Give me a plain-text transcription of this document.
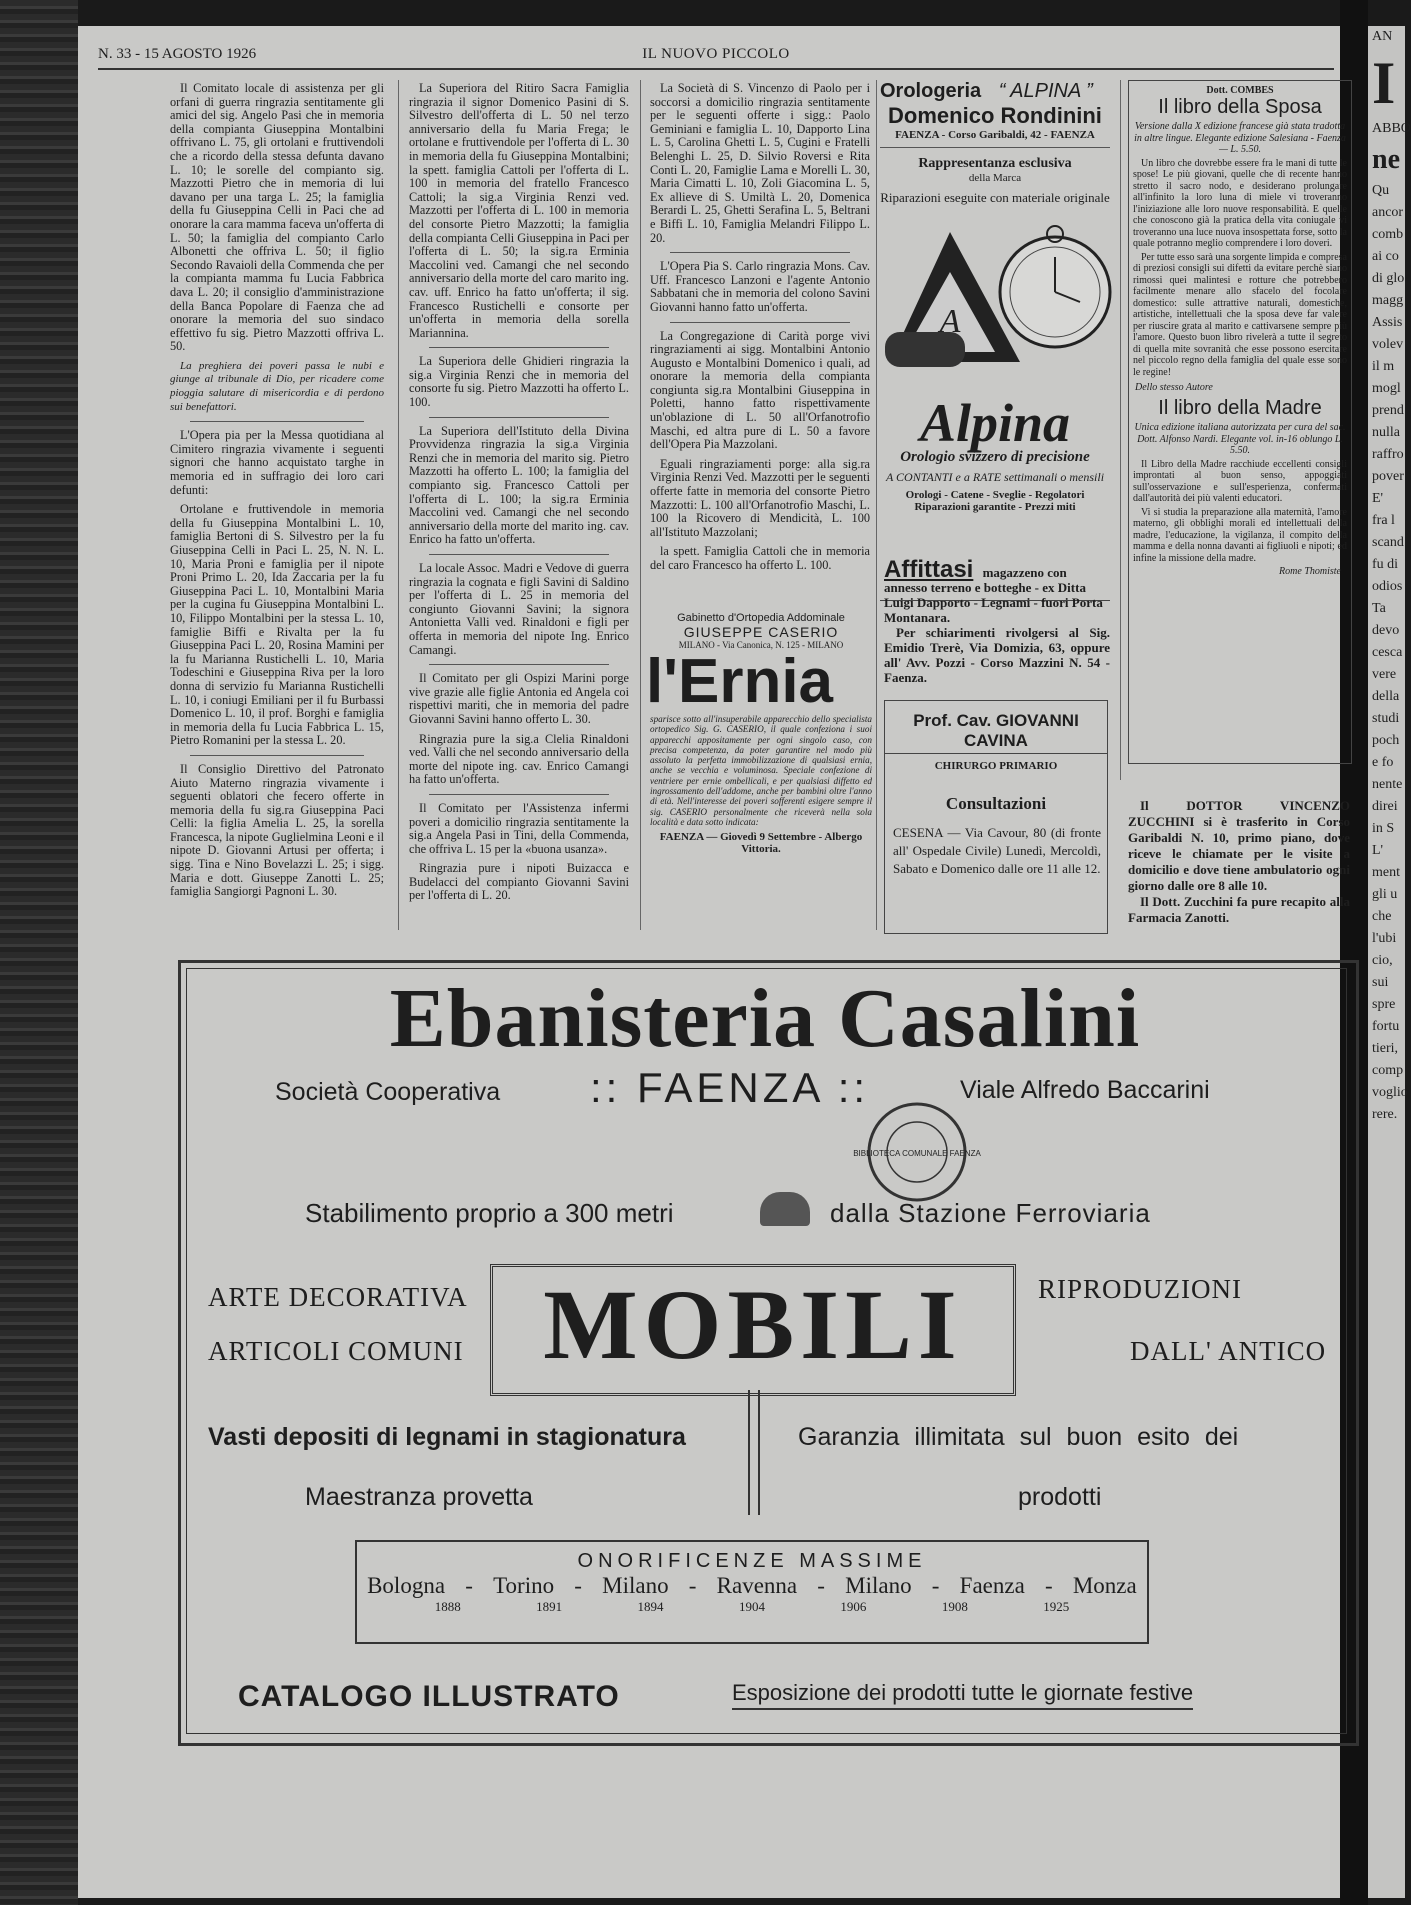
AN
I
ABBO
ne
Qu
ancor
comb
ai co
di glo
magg
Assis
volev
il m
mogl
prend
nulla
raffro
pover
E'
fra l
scand
fu di
odios
Ta
devo
cesca
vere
della
studi
poch
e fo
nente
direi
in S
L'
ment
gli u
che
l'ubi
cio,
sui
spre
fortu
tieri,
comp
voglio
rere.
N. 33 - 15 AGOSTO 1926	IL NUOVO PICCOLO

Il Comitato locale di assistenza per gli orfani di guerra ringrazia sentitamente gli amici del sig. Angelo Pasi che in memoria della compianta Giuseppina Montalbini offrivano L. 75, gli ortolani e fruttivendoli che a ricordo della stessa defunta davano L. 10; le sorelle del compianto sig. Mazzotti Pietro che in memoria di lui davano per una targa L. 25; la famiglia della fu Giuseppina Celli in Paci che ad onorare la cara mamma faceva un'offerta di L. 50; la famiglia del compianto Carlo Albonetti che offriva L. 50; il figlio Secondo Ravaioli della Commenda che per la compianta mamma fu Lucia Fabbrica dava L. 20; il consiglio d'amministrazione della Banca Popolare di Faenza che ad onorare la memoria del suo sindaco effettivo fu sig. Pietro Mazzotti offriva L. 50.

La preghiera dei poveri passa le nubi e giunge al tribunale di Dio, per ricadere come pioggia salutare di misericordia e di perdono sui benefattori.

L'Opera pia per la Messa quotidiana al Cimitero ringrazia vivamente i seguenti signori che hanno acquistato targhe in memoria ed in suffragio dei loro cari defunti:

Ortolane e fruttivendole in memoria della fu Giuseppina Montalbini L. 10, famiglia Bertoni di S. Silvestro per la fu Giuseppina Celli in Paci L. 25, N. N. L. 10, Maria Proni e famiglia per il nipote Proni Primo L. 20, Ida Zaccaria per la fu Giuseppina Paci L. 10, Montalbini Maria per la cugina fu Giuseppina Montalbini L. 10, Filippo Montalbini per la stessa L. 10, famiglie Biffi e Rivalta per la fu Giuseppina Paci L. 20, Rosina Mamini per la fu Marianna Rustichelli L. 10, Maria Todeschini e Giuseppina Riva per la loro donna di servizio fu Marianna Rustichelli L. 10, i coniugi Emiliani per il fu Burbassi Domenico L. 10, il prof. Borghi e famiglia in memoria della fu Lucia Fabbrica L. 15, Pietro Romanini per la stessa L. 20.

Il Consiglio Direttivo del Patronato Aiuto Materno ringrazia vivamente i seguenti oblatori che fecero offerte in memoria della fu sig.ra Giuseppina Paci Celli: la figlia Amelia L. 25, la sorella Francesca, la nipote Guglielmina Leoni e il nipote D. Giovanni Artusi per offerta; i sigg. Tina e Nino Bovelazzi L. 25; i sigg. Maria e dott. Giuseppe Zanotti L. 25; famiglia Sangiorgi Pagnoni L. 30.

La Superiora del Ritiro Sacra Famiglia ringrazia il signor Domenico Pasini di S. Silvestro dell'offerta di L. 50 nel terzo anniversario della fu Maria Frega; le ortolane e fruttivendole per l'offerta di L. 30 in memoria della fu Giuseppina Montalbini; la spett. famiglia Cattoli per l'offerta di L. 100 in memoria del fratello Francesco Cattoli; la sig.a Virginia Renzi ved. Mazzotti per l'offerta di L. 100 in memoria del consorte Pietro Mazzotti; la famiglia della compianta Celli Giuseppina in Paci per l'offerta di L. 50; la sig.ra Erminia Maccolini ved. Camangi che nel secondo anniversario della morte del caro marito ing. cav. uff. Enrico ha fatto un'offerta; il sig. Francesco Rustichelli e consorte per un'offerta in memoria della sorella Mariannina.

La Superiora delle Ghidieri ringrazia la sig.a Virginia Renzi che in memoria del consorte fu sig. Pietro Mazzotti ha offerto L. 100.

La Superiora dell'Istituto della Divina Provvidenza ringrazia la sig.a Virginia Renzi che in memoria del marito sig. Pietro Mazzotti ha offerto L. 100; la famiglia del compianto sig. Francesco Cattoli per l'offerta di L. 100; la sig.ra Erminia Maccolini ved. Camangi che nel secondo anniversario della morte del marito ing. cav. Enrico ha fatto un'offerta.

La locale Assoc. Madri e Vedove di guerra ringrazia la cognata e figli Savini di Saldino per l'offerta di L. 25 in memoria del congiunto Giovanni Savini; la signora Antonietta Valli ved. Rinaldoni e figli per offerta in memoria del nipote Ing. Enrico Camangi.

Il Comitato per gli Ospizi Marini porge vive grazie alle figlie Antonia ed Angela coi rispettivi mariti, che in memoria del padre Giovanni Savini hanno offerto L. 30.

Ringrazia pure la sig.a Clelia Rinaldoni ved. Valli che nel secondo anniversario della morte del nipote ing. cav. Enrico Camangi ha fatto un'offerta.

Il Comitato per l'Assistenza infermi poveri a domicilio ringrazia sentitamente la sig.a Angela Pasi in Tini, della Commenda, che offriva L. 15 per la «buona usanza».

Ringrazia pure i nipoti Buizacca e Budelacci del compianto Giovanni Savini per l'offerta di L. 20.

La Società di S. Vincenzo di Paolo per i soccorsi a domicilio ringrazia sentitamente per le seguenti offerte i sigg.: Paolo Geminiani e famiglia L. 10, Dapporto Lina L. 5, Carolina Ghetti L. 5, Cugini e Fratelli Belenghi L. 25, D. Silvio Roversi e Rita Conti L. 20, Famiglie Lama e Morelli L. 30, Maria Cimatti L. 10, Zoli Giacomina L. 5, Ex allieve di S. Umiltà L. 20, Domenica Berardi L. 25, Ghetti Serafina L. 5, Beltrani e Biffi L. 10, Famiglia Melandri Filippo L. 20.

L'Opera Pia S. Carlo ringrazia Mons. Cav. Uff. Francesco Lanzoni e l'agente Antonio Sabbatani che in memoria del colono Savini Giovanni hanno fatto un'offerta.

La Congregazione di Carità porge vivi ringraziamenti ai sigg. Montalbini Antonio Augusto e Montalbini Domenico i quali, ad onorare la memoria della compianta congiunta sig.ra Montalbini Giuseppina in Poletti, hanno fatto rispettivamente un'oblazione di L. 50 all'Orfanotrofio Maschi, ed altra pure di L. 50 a favore dell'Opera Pia Mazzolani.

Eguali ringraziamenti porge: alla sig.ra Virginia Renzi Ved. Mazzotti per le seguenti offerte fatte in memoria del consorte Pietro Mazzotti: L. 100 all'Orfanotrofio Maschi, L. 100 la Ricovero di Mendicità, L. 100 all'Istituto Mazzolani;

la spett. Famiglia Cattoli che in memoria del caro Francesco ha offerto L. 100.

Gabinetto d'Ortopedia Addominale
GIUSEPPE CASERIO
MILANO - Via Canonica, N. 125 - MILANO
l'Ernia
sparisce sotto all'insuperabile apparecchio dello specialista ortopedico Sig. G. CASERIO, il quale confeziona i suoi apparecchi appositamente per ogni singolo caso, con precisa competenza, da poter garantire nel modo più assoluto la perfetta immobilizzazione di qualsiasi ernia, anche se vecchia e voluminosa. Speciale confezione di ventriere per ernie ombellicali, e per qualsiasi diffetto ed ingrossamento dell'addome, anche per bambini oltre l'anno di età. Nell'interesse dei poveri sofferenti esigere sempre il sig. CASERIO personalmente che riceverà nella sola località e data sotto indicata:
FAENZA — Giovedì 9 Settembre - Albergo Vittoria.
Orologeria “ ALPINA ”
Domenico Rondinini
FAENZA - Corso Garibaldi, 42 - FAENZA
Rappresentanza esclusiva
della Marca
Riparazioni eseguite con materiale originale
A
Alpina
Orologio svizzero di precisione
A CONTANTI e a RATE settimanali o mensili
Orologi - Catene - Sveglie - Regolatori Riparazioni garantite - Prezzi miti
Affittasi magazzeno con annesso terreno e botteghe - ex Ditta Luigi Dapporto - Legnami - fuori Porta Montanara.
Per schiarimenti rivolgersi al Sig. Emidio Trerè, Via Domizia, 63, oppure all' Avv. Pozzi - Corso Mazzini N. 54 - Faenza.
Prof. Cav. GIOVANNI CAVINA
CHIRURGO PRIMARIO
Consultazioni
CESENA — Via Cavour, 80 (di fronte all' Ospedale Civile) Lunedì, Mercoldì, Sabato e Domenico dalle ore 11 alle 12.
Dott. COMBES
Il libro della Sposa
Versione dalla X edizione francese già stata tradotta in altre lingue. Elegante edizione Salesiana - Faenza — L. 5.50.
Un libro che dovrebbe essere fra le mani di tutte le spose! Le più giovani, quelle che di recente hanno stretto il sacro nodo, e desiderano prolungare all'infinito la loro luna di miele vi troveranno l'iniziazione alle loro nuove responsabilità. E quelle che conoscono già la pratica della vita coniugale vi troveranno una luce nuova insospettata forse, sotto la quale potranno meglio comprendere i loro doveri.
Per tutte esso sarà una sorgente limpida e compresa di preziosi consigli sui difetti da evitare perchè siano rimossi quei malintesi e rotture che potrebbero facilmente menare allo sfacelo del focolare domestico: sulle attrattive naturali, domestiche, artistiche, intellettuali che la sposa deve far valere per riuscire grata al marito e cattivarsene sempre più l'amore. Questo buon libro rivelerà a tutte il segreto di quella mite sovranità che esse possono esercitare nel piccolo regno della famiglia del quale esse sono le regine!
Dello stesso Autore
Il libro della Madre
Unica edizione italiana autorizzata per cura del sac. Dott. Alfonso Nardi. Elegante vol. in-16 oblungo L. 5.50.
Il Libro della Madre racchiude eccellenti consigli improntati al buon senso, appoggiati sull'osservazione e sull'esperienza, confermati dall'autorità dei più valenti educatori.
Vi si studia la preparazione alla maternità, l'amore materno, gli obblighi morali ed intellettuali della madre, l'educazione, la vigilanza, il compito della mamma e della nonna davanti ai figliuoli e nipoti; ed infine la missione della madre.
Rome Thomiste
Il DOTTOR VINCENZO ZUCCHINI si è trasferito in Corso Garibaldi N. 10, primo piano, dove riceve le chiamate per le visite a domicilio e dove tiene ambulatorio ogni giorno dalle ore 8 alle 10.
Il Dott. Zucchini fa pure recapito alla Farmacia Zanotti.
Ebanisteria Casalini
Società Cooperativa :: FAENZA ::	Viale Alfredo Baccarini
BIBLIOTECA COMUNALE FAENZA
Stabilimento proprio a 300 metri	dalla Stazione Ferroviaria
ARTE DECORATIVA
ARTICOLI COMUNI MOBILI	RIPRODUZIONI
DALL' ANTICO
Vasti depositi di legnami in stagionatura
Maestranza provetta
Garanzia illimitata sul buon esito dei
prodotti
ONORIFICENZE MASSIME
Bologna - Torino - Milano - Ravenna - Milano - Faenza - Monza
1888	1891	1894	1904	1906	1908	1925
CATALOGO ILLUSTRATO	Esposizione dei prodotti tutte le giornate festive
